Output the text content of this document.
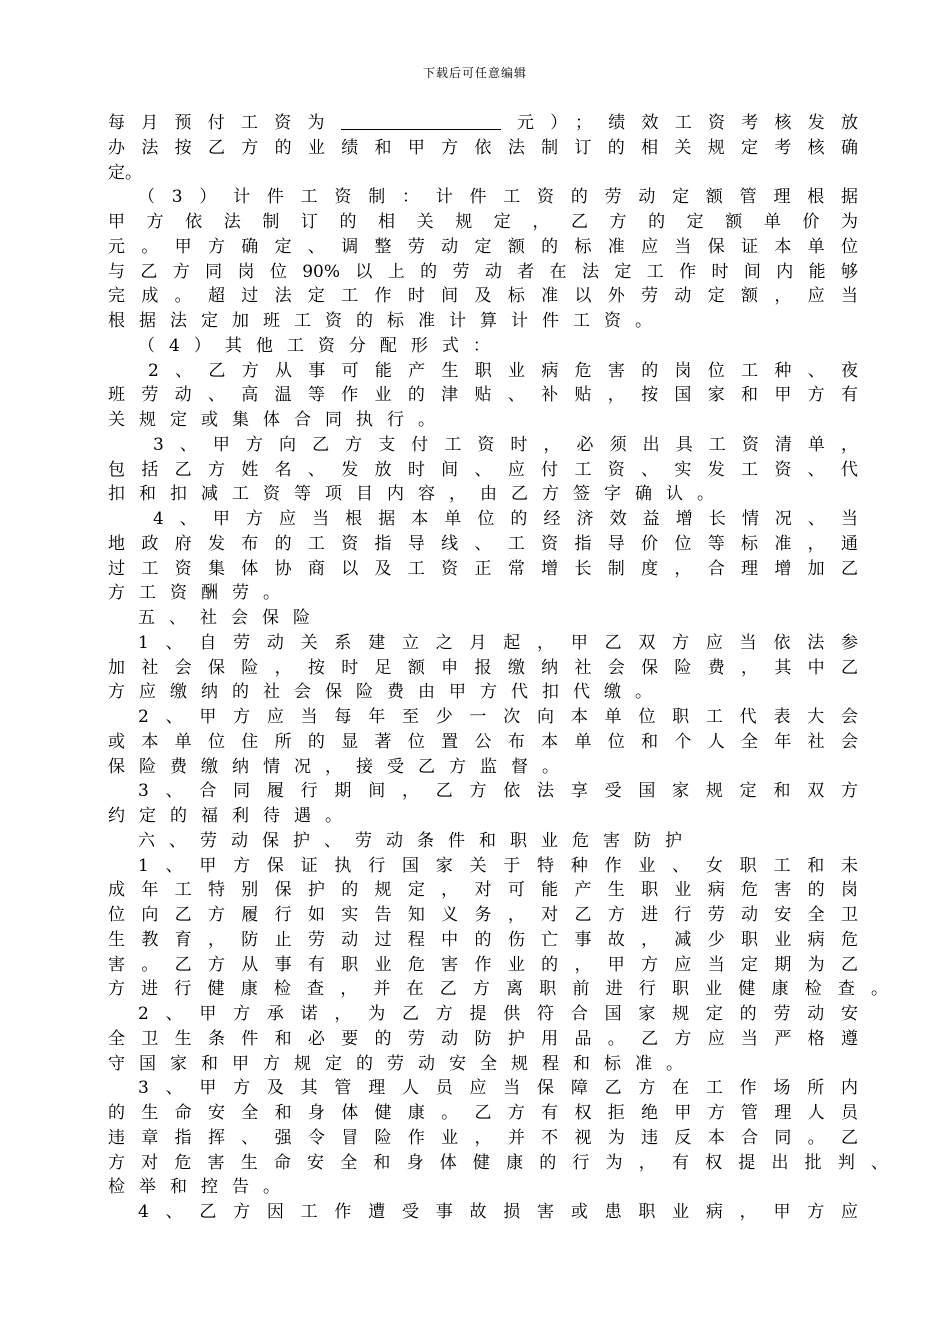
下载后可任意编辑
每月预付工资为	元）；绩效工资考核发放
办法按乙方的业绩和甲方依法制订的相关规定考核确
定。
（3）计件工资制：计件工资的劳动定额管理根据
甲方依法制订的相关规定，乙方的定额单价为
元。甲方确定、调整劳动定额的标准应当保证本单位
与乙方同岗位90%以上的劳动者在法定工作时间内能够
完成。超过法定工作时间及标准以外劳动定额，应当
根据法定加班工资的标准计算计件工资。
（4）其他工资分配形式：
2、乙方从事可能产生职业病危害的岗位工种、夜
班劳动、高温等作业的津贴、补贴，按国家和甲方有
关规定或集体合同执行。
3、甲方向乙方支付工资时，必须出具工资清单，
包括乙方姓名、发放时间、应付工资、实发工资、代
扣和扣减工资等项目内容，由乙方签字确认。
4、甲方应当根据本单位的经济效益增长情况、当
地政府发布的工资指导线、工资指导价位等标准，通
过工资集体协商以及工资正常增长制度，合理增加乙
方工资酬劳。
五、社会保险
1、自劳动关系建立之月起，甲乙双方应当依法参
加社会保险，按时足额申报缴纳社会保险费，其中乙
方应缴纳的社会保险费由甲方代扣代缴。
2、甲方应当每年至少一次向本单位职工代表大会
或本单位住所的显著位置公布本单位和个人全年社会
保险费缴纳情况，接受乙方监督。
3、合同履行期间，乙方依法享受国家规定和双方
约定的福利待遇。
六、劳动保护、劳动条件和职业危害防护
1、甲方保证执行国家关于特种作业、女职工和未
成年工特别保护的规定，对可能产生职业病危害的岗
位向乙方履行如实告知义务，对乙方进行劳动安全卫
生教育，防止劳动过程中的伤亡事故，减少职业病危
害。乙方从事有职业危害作业的，甲方应当定期为乙
方进行健康检查，并在乙方离职前进行职业健康检查。
2、甲方承诺，为乙方提供符合国家规定的劳动安
全卫生条件和必要的劳动防护用品。乙方应当严格遵
守国家和甲方规定的劳动安全规程和标准。
3、甲方及其管理人员应当保障乙方在工作场所内
的生命安全和身体健康。乙方有权拒绝甲方管理人员
违章指挥、强令冒险作业，并不视为违反本合同。乙
方对危害生命安全和身体健康的行为，有权提出批判、
检举和控告。
4、乙方因工作遭受事故损害或患职业病，甲方应
